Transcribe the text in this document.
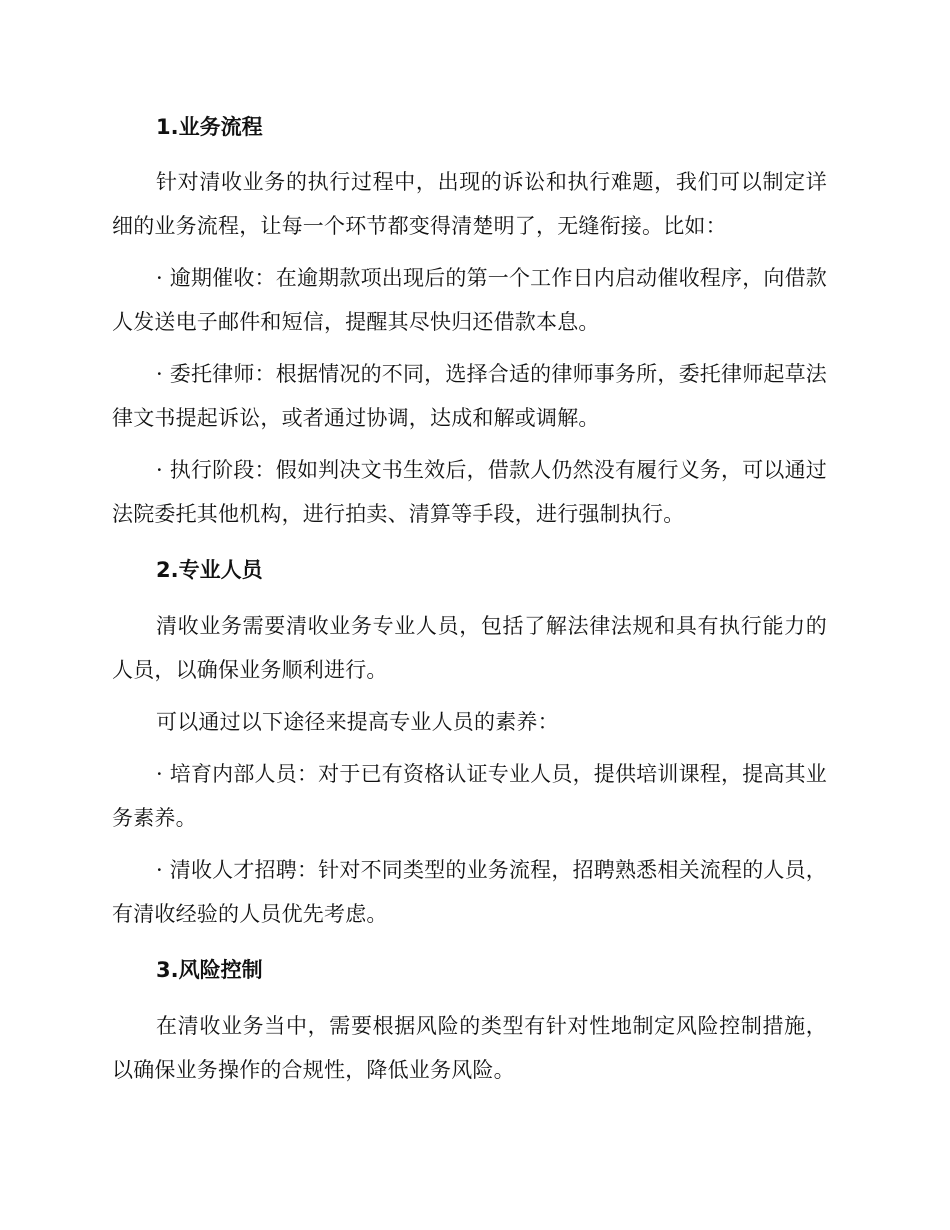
1.业务流程

针对清收业务的执行过程中，出现的诉讼和执行难题，我们可以制定详细的业务流程，让每一个环节都变得清楚明了，无缝衔接。比如：

· 逾期催收：在逾期款项出现后的第一个工作日内启动催收程序，向借款人发送电子邮件和短信，提醒其尽快归还借款本息。

· 委托律师：根据情况的不同，选择合适的律师事务所，委托律师起草法律文书提起诉讼，或者通过协调，达成和解或调解。

· 执行阶段：假如判决文书生效后，借款人仍然没有履行义务，可以通过法院委托其他机构，进行拍卖、清算等手段，进行强制执行。

2.专业人员

清收业务需要清收业务专业人员，包括了解法律法规和具有执行能力的人员，以确保业务顺利进行。

可以通过以下途径来提高专业人员的素养：

· 培育内部人员：对于已有资格认证专业人员，提供培训课程，提高其业务素养。

· 清收人才招聘：针对不同类型的业务流程，招聘熟悉相关流程的人员，有清收经验的人员优先考虑。

3.风险控制

在清收业务当中，需要根据风险的类型有针对性地制定风险控制措施，以确保业务操作的合规性，降低业务风险。
